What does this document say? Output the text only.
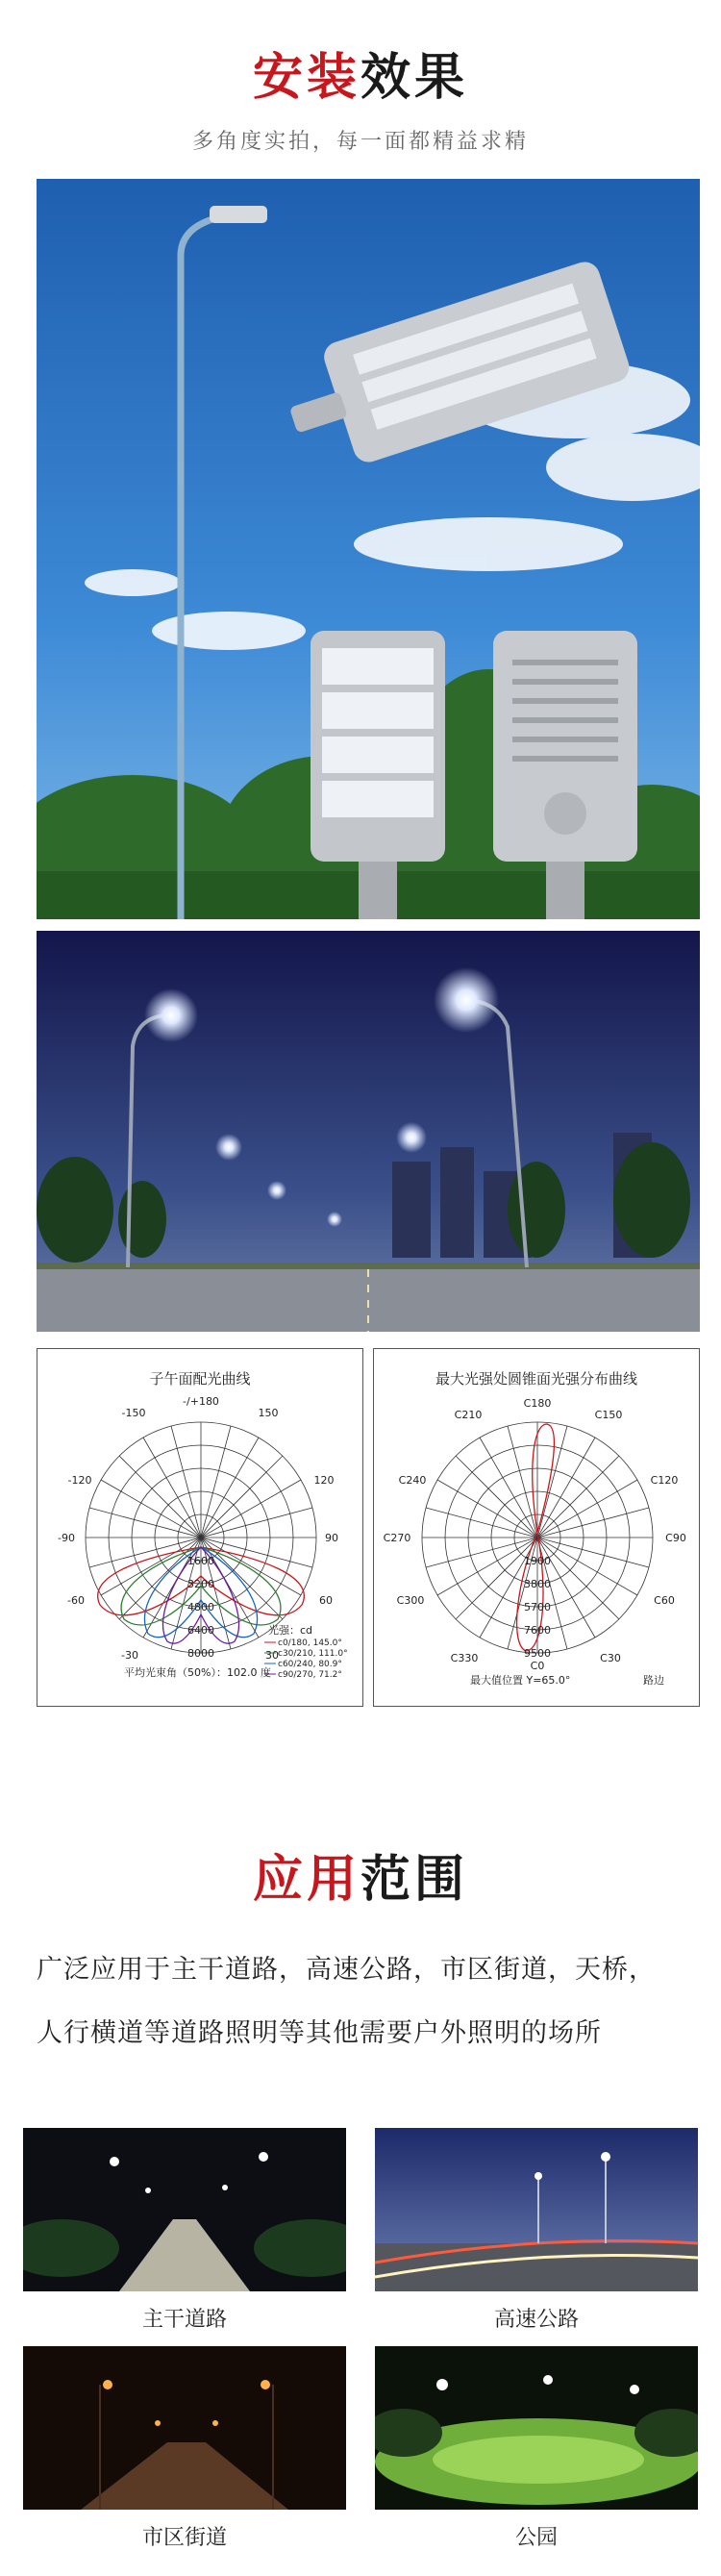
安装效果
多角度实拍，每一面都精益求精
子午面配光曲线
-/+180
-150	150
-120	120
-90	90
-60	60
-30	30
1600
3200
4800
6400
8000
光强：cd
c0/180, 145.0°
c30/210, 111.0°
c60/240, 80.9°
c90/270, 71.2°
平均光束角（50%）：102.0 度
最大光强处圆锥面光强分布曲线
C180
C210	C150
C240	C120
C270	C90
C300	C60
C330	C30
C0
1900
3800
5700
7600
9500
最大值位置 Y=65.0°	路边
应用范围
广泛应用于主干道路，高速公路，市区街道，天桥，
人行横道等道路照明等其他需要户外照明的场所
主干道路	高速公路
市区街道	公园
